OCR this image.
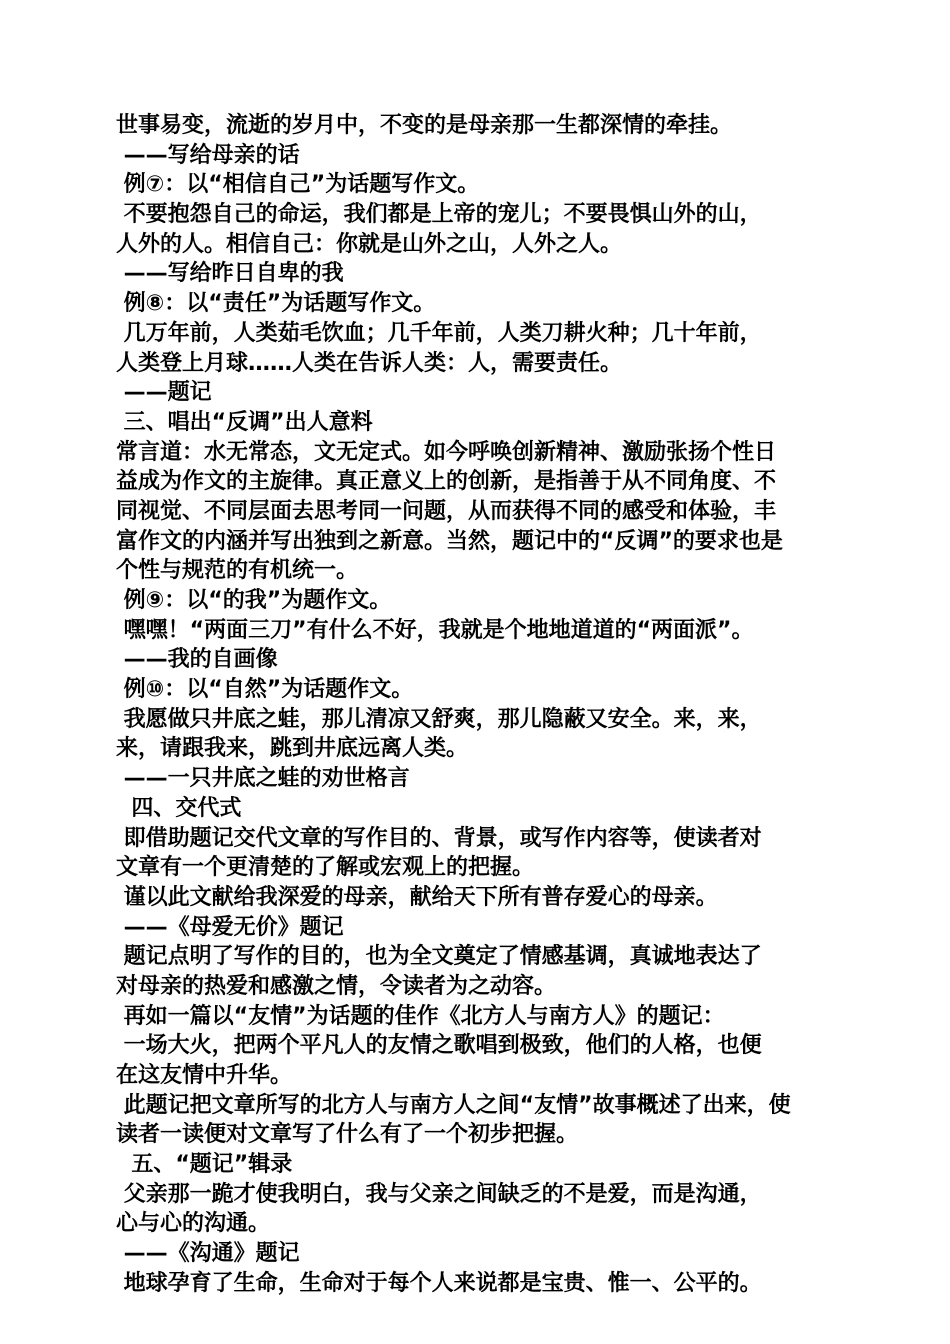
世事易变，流逝的岁月中，不变的是母亲那一生都深情的牵挂。
——写给母亲的话
例⑦：以“相信自己”为话题写作文。
不要抱怨自己的命运，我们都是上帝的宠儿；不要畏惧山外的山，
人外的人。相信自己：你就是山外之山，人外之人。
——写给昨日自卑的我
例⑧：以“责任”为话题写作文。
几万年前，人类茹毛饮血；几千年前，人类刀耕火种；几十年前，
人类登上月球……人类在告诉人类：人，需要责任。
——题记
三、唱出“反调”出人意料
常言道：水无常态，文无定式。如今呼唤创新精神、激励张扬个性日
益成为作文的主旋律。真正意义上的创新，是指善于从不同角度、不
同视觉、不同层面去思考同一问题，从而获得不同的感受和体验，丰
富作文的内涵并写出独到之新意。当然，题记中的“反调”的要求也是
个性与规范的有机统一。
例⑨：以“的我”为题作文。
嘿嘿！“两面三刀”有什么不好，我就是个地地道道的“两面派”。
——我的自画像
例⑩：以“自然”为话题作文。
我愿做只井底之蛙，那儿清凉又舒爽，那儿隐蔽又安全。来，来，
来，请跟我来，跳到井底远离人类。
——一只井底之蛙的劝世格言
四、交代式
即借助题记交代文章的写作目的、背景，或写作内容等，使读者对
文章有一个更清楚的了解或宏观上的把握。
谨以此文献给我深爱的母亲，献给天下所有普存爱心的母亲。
——《母爱无价》题记
题记点明了写作的目的，也为全文奠定了情感基调，真诚地表达了
对母亲的热爱和感激之情，令读者为之动容。
再如一篇以“友情”为话题的佳作《北方人与南方人》的题记：
一场大火，把两个平凡人的友情之歌唱到极致，他们的人格，也便
在这友情中升华。
此题记把文章所写的北方人与南方人之间“友情”故事概述了出来，使
读者一读便对文章写了什么有了一个初步把握。
五、“题记”辑录
父亲那一跪才使我明白，我与父亲之间缺乏的不是爱，而是沟通，
心与心的沟通。
——《沟通》题记
地球孕育了生命，生命对于每个人来说都是宝贵、惟一、公平的。
